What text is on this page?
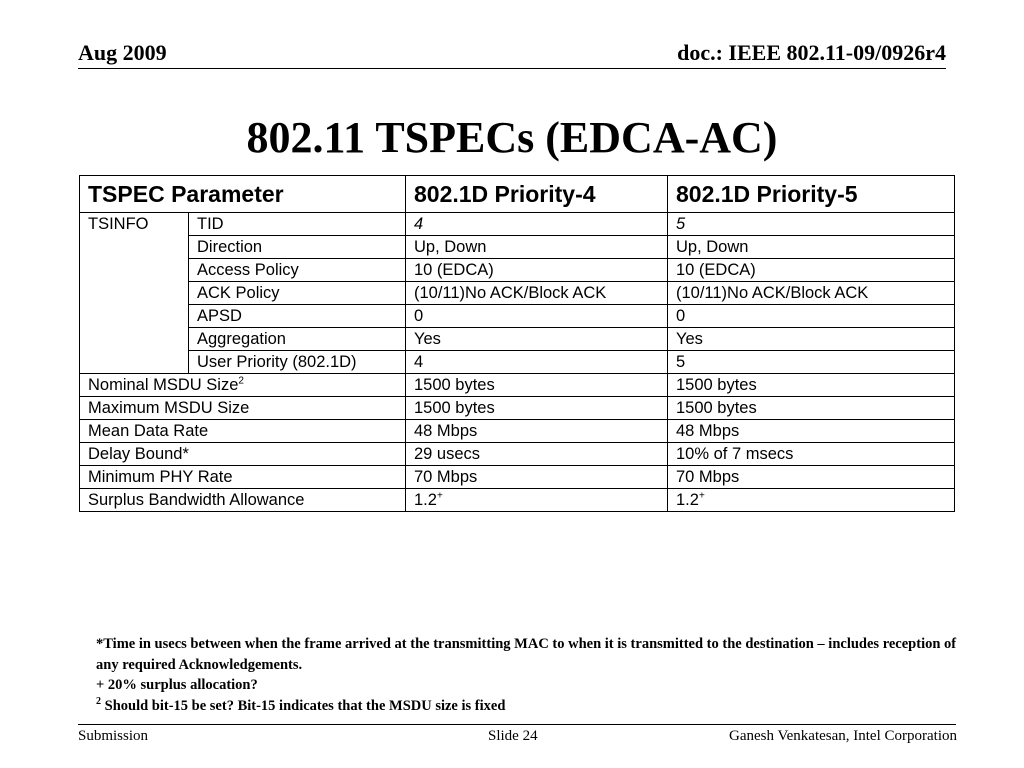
Aug 2009	doc.: IEEE 802.11-09/0926r4
802.11 TSPECs (EDCA-AC)
TSPEC Parameter		802.1D Priority-4	802.1D Priority-5
TSINFO	TID	4	5
	Direction	Up, Down	Up, Down
	Access Policy	10 (EDCA)	10 (EDCA)
	ACK Policy	(10/11)No ACK/Block ACK	(10/11)No ACK/Block ACK
	APSD	0	0
	Aggregation	Yes	Yes
	User Priority (802.1D)	4	5
Nominal MSDU Size$^2$		1500 bytes	1500 bytes
Maximum MSDU Size		1500 bytes	1500 bytes
Mean Data Rate		48 Mbps	48 Mbps
Delay Bound*		29 usecs	10% of 7 msecs
Minimum PHY Rate		70 Mbps	70 Mbps
Surplus Bandwidth Allowance		1.2+	1.2+

*Time in usecs between when the frame arrived at the transmitting MAC to when it is transmitted to the destination – includes reception of any required Acknowledgements.

+ 20% surplus allocation?

$^2$ Should bit-15 be set? Bit-15 indicates that the MSDU size is fixed

Submission	Slide 24	Ganesh Venkatesan, Intel Corporation
